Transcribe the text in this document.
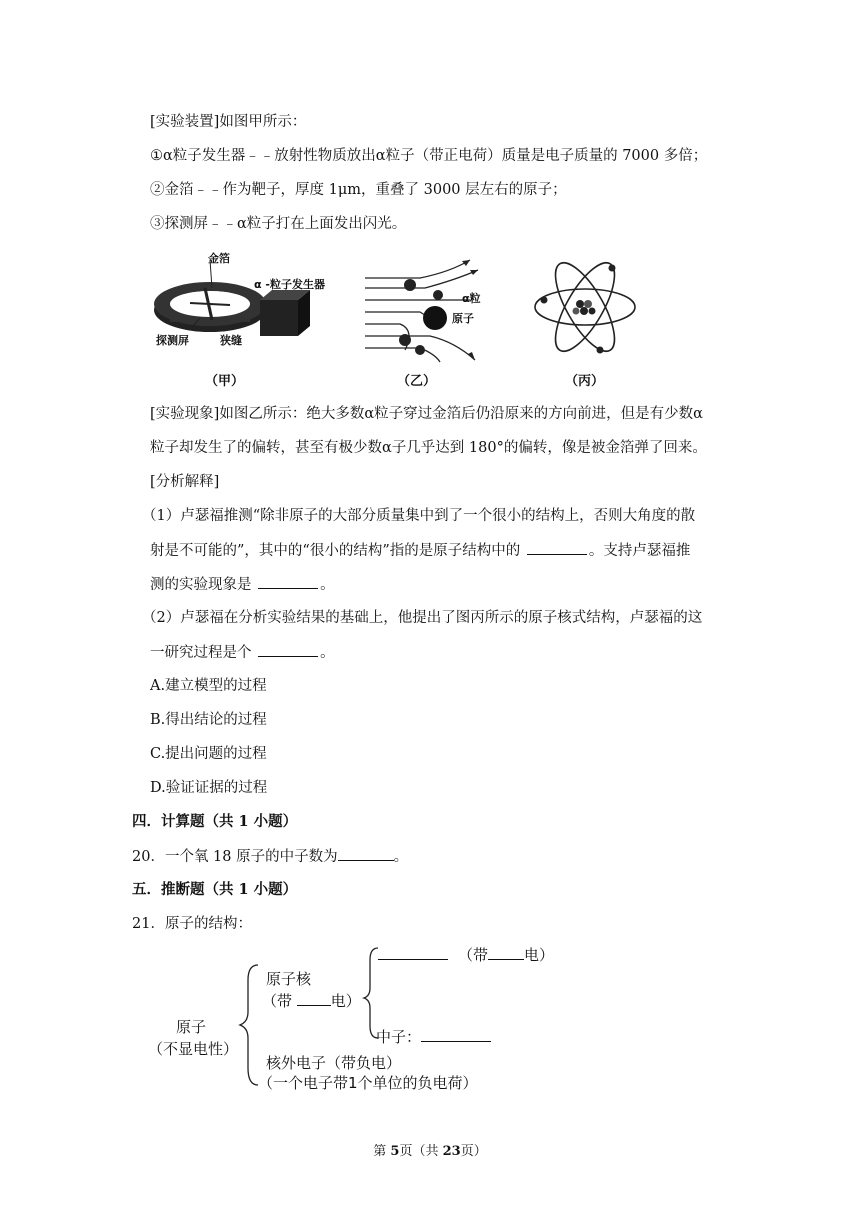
[实验装置]如图甲所示：
①α粒子发生器﹣﹣放射性物质放出α粒子（带正电荷）质量是电子质量的 7000 多倍；
②金箔﹣﹣作为靶子，厚度 1μm，重叠了 3000 层左右的原子；
③探测屏﹣﹣α粒子打在上面发出闪光。
金箔
α -粒子发生器
探测屏	狭缝
（甲）
α粒
原子
（乙）	（丙）
[实验现象]如图乙所示：绝大多数α粒子穿过金箔后仍沿原来的方向前进，但是有少数α
粒子却发生了的偏转，甚至有极少数α子几乎达到 180°的偏转，像是被金箔弹了回来。
[分析解释]
（1）卢瑟福推测“除非原子的大部分质量集中到了一个很小的结构上，否则大角度的散
射是不可能的”，其中的“很小的结构”指的是原子结构中的	。支持卢瑟福推
测的实验现象是	。
（2）卢瑟福在分析实验结果的基础上，他提出了图丙所示的原子核式结构，卢瑟福的这
一研究过程是个	。
A.建立模型的过程
B.得出结论的过程
C.提出问题的过程
D.验证证据的过程
四．计算题（共 1 小题）
20．一个氧 18 原子的中子数为	。
五．推断题（共 1 小题）
21．原子的结构：
原子
（不显电性）
原子核
（带 电）
（带 电）
中子：
核外电子（带负电）
（一个电子带1个单位的负电荷）
第 5页（共 23页）
